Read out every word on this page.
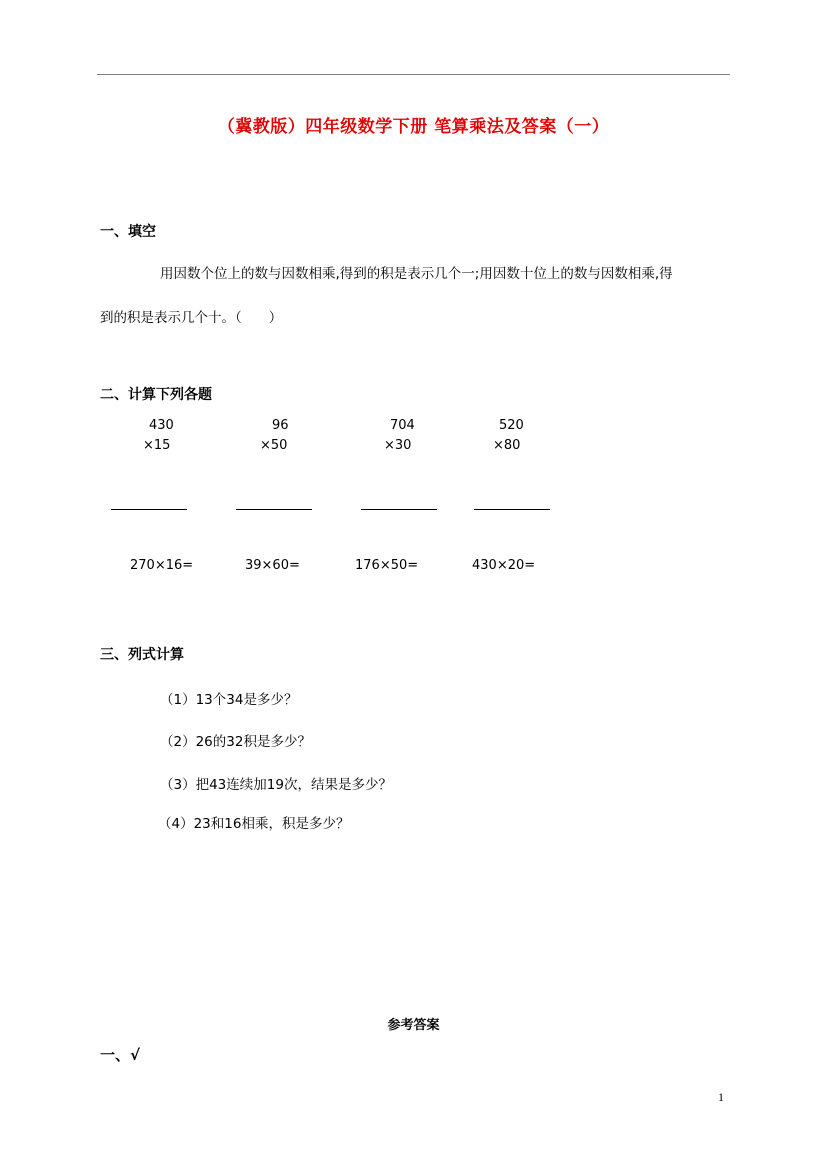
（冀教版）四年级数学下册 笔算乘法及答案（一）
一、填空
用因数个位上的数与因数相乘,得到的积是表示几个一;用因数十位上的数与因数相乘,得
到的积是表示几个十。（　　）
二、计算下列各题
430
×15
96
×50
704
×30
520
×80
270×16=	39×60=	176×50=	430×20=
三、列式计算
（1）13个34是多少？
（2）26的32积是多少？
（3）把43连续加19次，结果是多少？
（4）23和16相乘，积是多少？
参考答案
一、√
1
